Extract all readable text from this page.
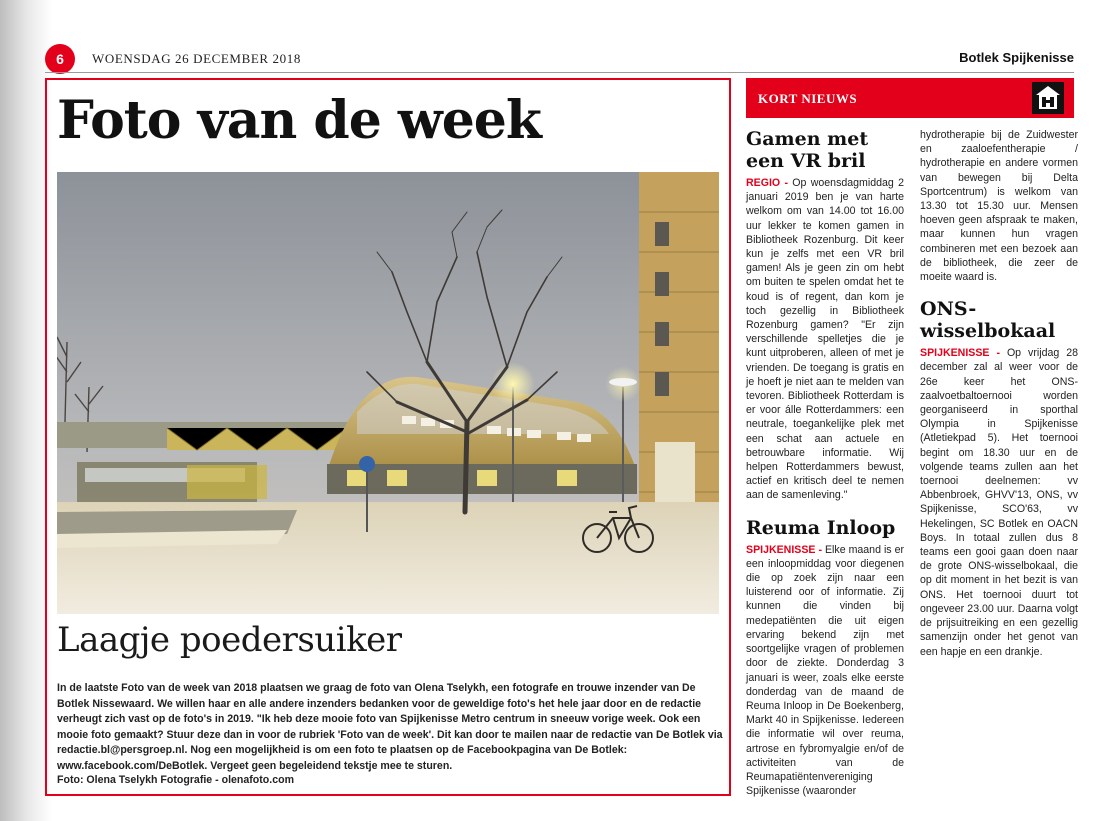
6	WOENSDAG 26 DECEMBER 2018	Botlek Spijkenisse
Foto van de week
Laagje poedersuiker

In de laatste Foto van de week van 2018 plaatsen we graag de foto van Olena Tselykh, een fotografe en trouwe inzender van De Botlek Nissewaard. We willen haar en alle andere inzenders bedanken voor de geweldige foto's het hele jaar door en de redactie verheugt zich vast op de foto's in 2019. "Ik heb deze mooie foto van Spijkenisse Metro centrum in sneeuw vorige week. Ook een mooie foto gemaakt? Stuur deze dan in voor de rubriek 'Foto van de week'. Dit kan door te mailen naar de redactie van De Botlek via redactie.bl@persgroep.nl. Nog een mogelijkheid is om een foto te plaatsen op de Facebookpagina van De Botlek: www.facebook.com/DeBotlek. Vergeet geen begeleidend tekstje mee te sturen.

Foto: Olena Tselykh Fotografie - olenafoto.com

KORT NIEUWS
Gamen met een VR bril

REGIO - Op woensdagmiddag 2 januari 2019 ben je van harte welkom om van 14.00 tot 16.00 uur lekker te komen gamen in Bibliotheek Rozenburg. Dit keer kun je zelfs met een VR bril gamen! Als je geen zin om hebt om buiten te spelen omdat het te koud is of regent, dan kom je toch gezellig in Bibliotheek Rozenburg gamen? "Er zijn verschillende spelletjes die je kunt uitproberen, alleen of met je vrienden. De toegang is gratis en je hoeft je niet aan te melden van tevoren. Bibliotheek Rotterdam is er voor álle Rotterdammers: een neutrale, toegankelijke plek met een schat aan actuele en betrouwbare informatie. Wij helpen Rotterdammers bewust, actief en kritisch deel te nemen aan de samenleving."

Reuma Inloop

SPIJKENISSE - Elke maand is er een inloopmiddag voor diegenen die op zoek zijn naar een luisterend oor of informatie. Zij kunnen die vinden bij medepatiënten die uit eigen ervaring bekend zijn met soortgelijke vragen of problemen door de ziekte. Donderdag 3 januari is weer, zoals elke eerste donderdag van de maand de Reuma Inloop in De Boekenberg, Markt 40 in Spijkenisse. Iedereen die informatie wil over reuma, artrose en fybromyalgie en/of de activiteiten van de Reumapatiëntenvereniging Spijkenisse (waaronder

hydrotherapie bij de Zuidwester en zaaloefentherapie / hydrotherapie en andere vormen van bewegen bij Delta Sportcentrum) is welkom van 13.30 tot 15.30 uur. Mensen hoeven geen afspraak te maken, maar kunnen hun vragen combineren met een bezoek aan de bibliotheek, die zeer de moeite waard is.

ONS-wisselbokaal

SPIJKENISSE - Op vrijdag 28 december zal al weer voor de 26e keer het ONS-zaalvoetbaltoernooi worden georganiseerd in sporthal Olympia in Spijkenisse (Atletiekpad 5). Het toernooi begint om 18.30 uur en de volgende teams zullen aan het toernooi deelnemen: vv Abbenbroek, GHVV'13, ONS, vv Spijkenisse, SCO'63, vv Hekelingen, SC Botlek en OACN Boys. In totaal zullen dus 8 teams een gooi gaan doen naar de grote ONS-wisselbokaal, die op dit moment in het bezit is van ONS. Het toernooi duurt tot ongeveer 23.00 uur. Daarna volgt de prijsuitreiking en een gezellig samenzijn onder het genot van een hapje en een drankje.
